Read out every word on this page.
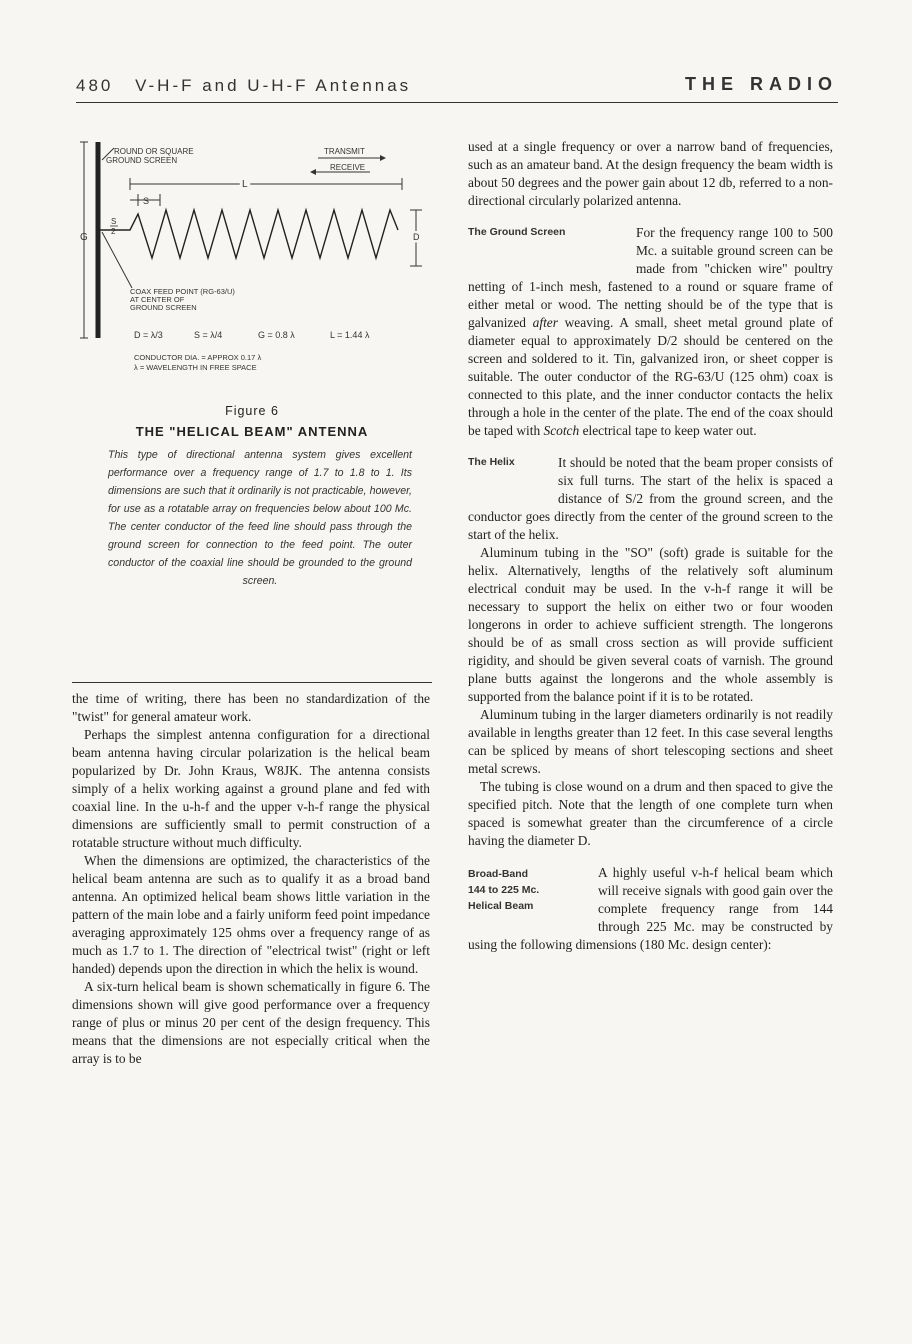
480 V-H-F and U-H-F Antennas	THE RADIO
G
ROUND OR SQUARE
GROUND SCREEN
TRANSMIT
RECEIVE
L
S
S
2
D
COAX FEED POINT (RG-63/U)
AT CENTER OF
GROUND SCREEN
D = λ/3	S = λ/4	G = 0.8 λ	L = 1.44 λ
CONDUCTOR DIA. = APPROX 0.17 λ
λ = WAVELENGTH IN FREE SPACE
Figure 6
THE "HELICAL BEAM" ANTENNA
This type of directional antenna system gives excellent performance over a frequency range of 1.7 to 1.8 to 1. Its dimensions are such that it ordinarily is not practicable, however, for use as a rotatable array on frequencies below about 100 Mc. The center conductor of the feed line should pass through the ground screen for connection to the feed point. The outer conductor of the coaxial line should be grounded to the ground screen.

the time of writing, there has been no standardization of the "twist" for general amateur work.

Perhaps the simplest antenna configuration for a directional beam antenna having circular polarization is the helical beam popularized by Dr. John Kraus, W8JK. The antenna consists simply of a helix working against a ground plane and fed with coaxial line. In the u-h-f and the upper v-h-f range the physical dimensions are sufficiently small to permit construction of a rotatable structure without much difficulty.

When the dimensions are optimized, the characteristics of the helical beam antenna are such as to qualify it as a broad band antenna. An optimized helical beam shows little variation in the pattern of the main lobe and a fairly uniform feed point impedance averaging approximately 125 ohms over a frequency range of as much as 1.7 to 1. The direction of "electrical twist" (right or left handed) depends upon the direction in which the helix is wound.

A six-turn helical beam is shown schematically in figure 6. The dimensions shown will give good performance over a frequency range of plus or minus 20 per cent of the design frequency. This means that the dimensions are not especially critical when the array is to be

used at a single frequency or over a narrow band of frequencies, such as an amateur band. At the design frequency the beam width is about 50 degrees and the power gain about 12 db, referred to a non-directional circularly polarized antenna.

The Ground Screen	For the frequency range 100 to 500 Mc. a suitable ground screen can be made from "chicken wire" poultry netting of 1-inch mesh, fastened to a round or square frame of either metal or wood. The netting should be of the type that is galvanized after weaving. A small, sheet metal ground plate of diameter equal to approximately D/2 should be centered on the screen and soldered to it. Tin, galvanized iron, or sheet copper is suitable. The outer conductor of the RG-63/U (125 ohm) coax is connected to this plate, and the inner conductor contacts the helix through a hole in the center of the plate. The end of the coax should be taped with Scotch electrical tape to keep water out.

The Helix	It should be noted that the beam proper consists of six full turns. The start of the helix is spaced a distance of S/2 from the ground screen, and the conductor goes directly from the center of the ground screen to the start of the helix.

Aluminum tubing in the "SO" (soft) grade is suitable for the helix. Alternatively, lengths of the relatively soft aluminum electrical conduit may be used. In the v-h-f range it will be necessary to support the helix on either two or four wooden longerons in order to achieve sufficient strength. The longerons should be of as small cross section as will provide sufficient rigidity, and should be given several coats of varnish. The ground plane butts against the longerons and the whole assembly is supported from the balance point if it is to be rotated.

Aluminum tubing in the larger diameters ordinarily is not readily available in lengths greater than 12 feet. In this case several lengths can be spliced by means of short telescoping sections and sheet metal screws.

The tubing is close wound on a drum and then spaced to give the specified pitch. Note that the length of one complete turn when spaced is somewhat greater than the circumference of a circle having the diameter D.

Broad-Band
144 to 225 Mc.
Helical Beam

A highly useful v-h-f helical beam which will receive signals with good gain over the complete frequency range from 144 through 225 Mc. may be constructed by using the following dimensions (180 Mc. design center):
